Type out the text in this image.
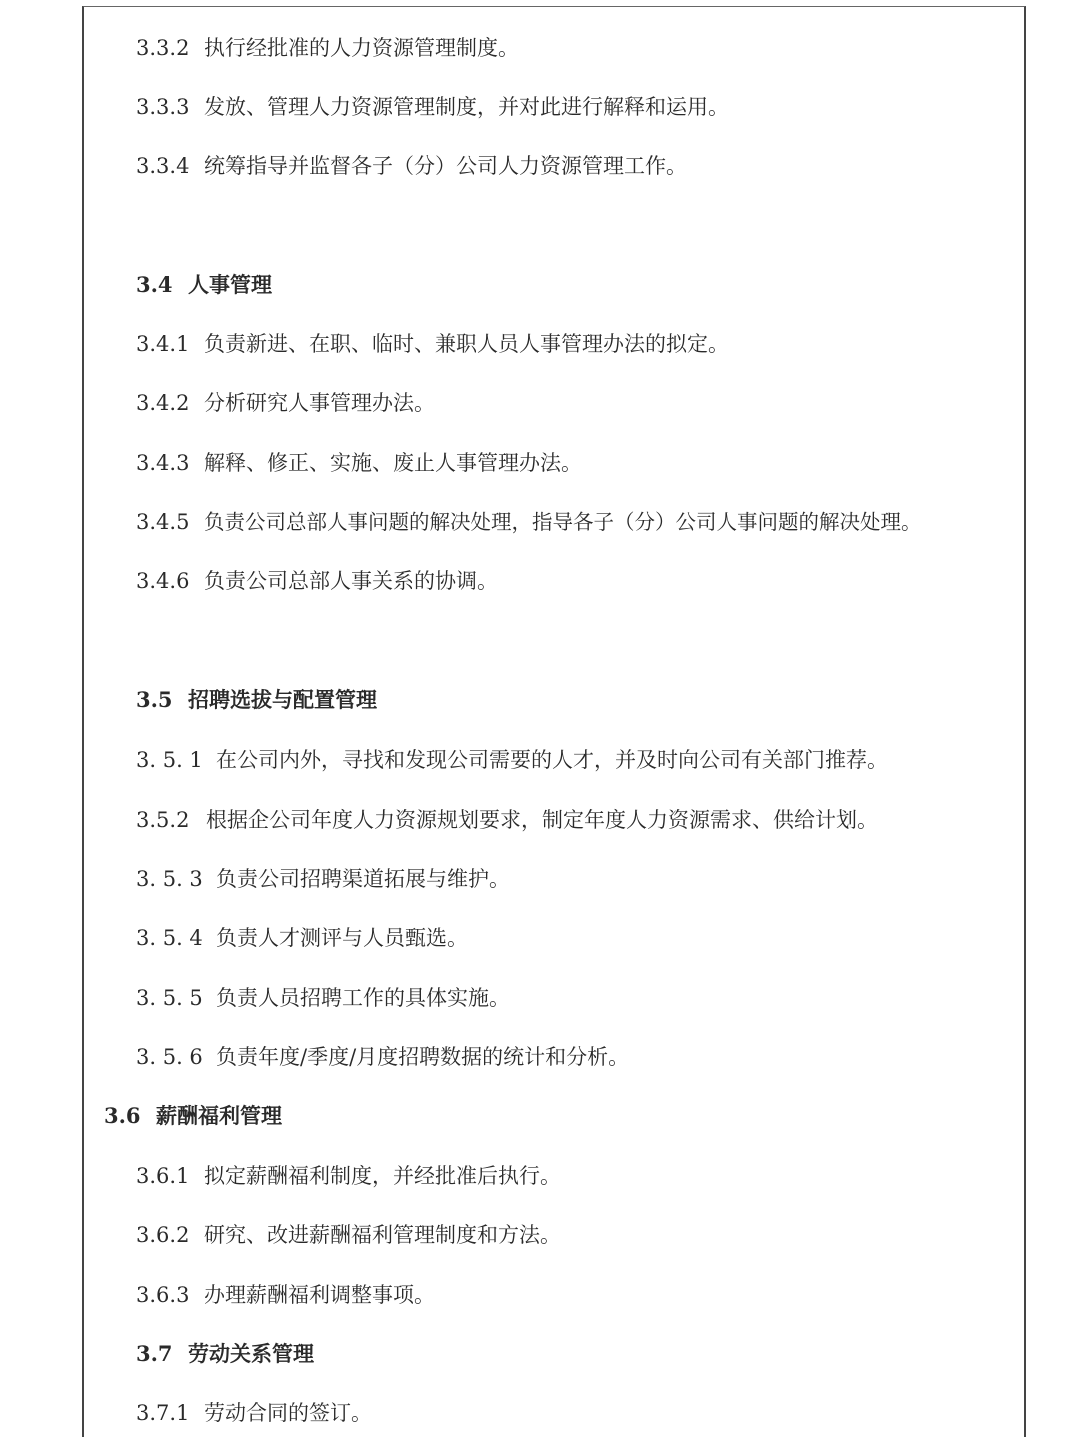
3.3.2 执行经批准的人力资源管理制度。
3.3.3 发放、管理人力资源管理制度，并对此进行解释和运用。
3.3.4 统筹指导并监督各子（分）公司人力资源管理工作。
3.4 人事管理
3.4.1 负责新进、在职、临时、兼职人员人事管理办法的拟定。
3.4.2 分析研究人事管理办法。
3.4.3 解释、修正、实施、废止人事管理办法。
3.4.5 负责公司总部人事问题的解决处理，指导各子（分）公司人事问题的解决处理。
3.4.6 负责公司总部人事关系的协调。
3.5 招聘选拔与配置管理
3. 5. 1 在公司内外，寻找和发现公司需要的人才，并及时向公司有关部门推荐。
3.5.2 根据企公司年度人力资源规划要求，制定年度人力资源需求、供给计划。
3. 5. 3 负责公司招聘渠道拓展与维护。
3. 5. 4 负责人才测评与人员甄选。
3. 5. 5 负责人员招聘工作的具体实施。
3. 5. 6 负责年度/季度/月度招聘数据的统计和分析。
3.6 薪酬福利管理
3.6.1 拟定薪酬福利制度，并经批准后执行。
3.6.2 研究、改进薪酬福利管理制度和方法。
3.6.3 办理薪酬福利调整事项。
3.7 劳动关系管理
3.7.1 劳动合同的签订。
